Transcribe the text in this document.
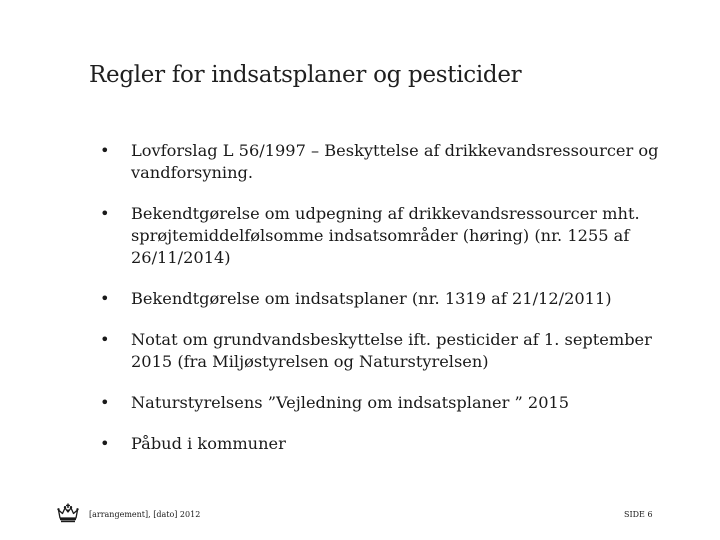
Regler for indsatsplaner og pesticider
• Lovforslag L 56/1997 – Beskyttelse af drikkevandsressourcer og vandforsyning.
• Bekendtgørelse om udpegning af drikkevandsressourcer mht. sprøjtemiddelfølsomme indsatsområder (høring) (nr. 1255 af 26/11/2014)
• Bekendtgørelse om indsatsplaner (nr. 1319 af 21/12/2011)
• Notat om grundvandsbeskyttelse ift. pesticider af 1. september 2015 (fra Miljøstyrelsen og Naturstyrelsen)
• Naturstyrelsens ”Vejledning om indsatsplaner ” 2015
• Påbud i kommuner
[arrangement], [dato] 2012	SIDE 6
